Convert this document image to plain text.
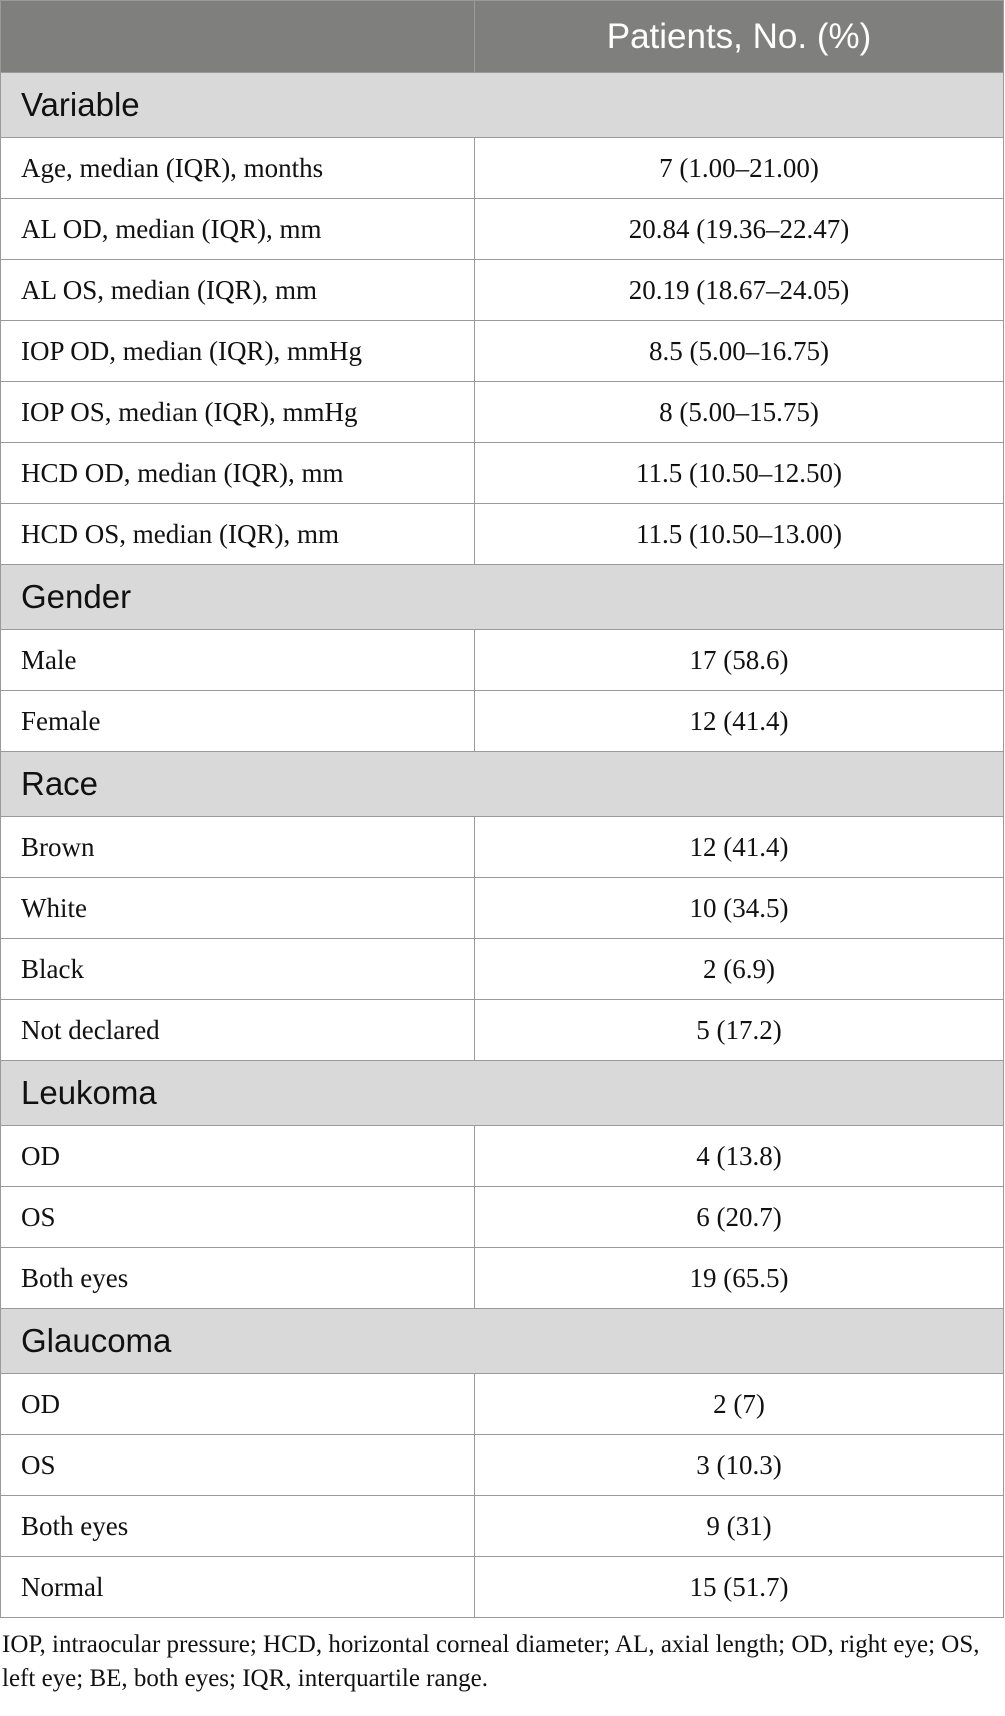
	Patients, No. (%)
Variable	
Age, median (IQR), months	7 (1.00–21.00)
AL OD, median (IQR), mm	20.84 (19.36–22.47)
AL OS, median (IQR), mm	20.19 (18.67–24.05)
IOP OD, median (IQR), mmHg	8.5 (5.00–16.75)
IOP OS, median (IQR), mmHg	8 (5.00–15.75)
HCD OD, median (IQR), mm	11.5 (10.50–12.50)
HCD OS, median (IQR), mm	11.5 (10.50–13.00)
Gender	
Male	17 (58.6)
Female	12 (41.4)
Race	
Brown	12 (41.4)
White	10 (34.5)
Black	2 (6.9)
Not declared	5 (17.2)
Leukoma	
OD	4 (13.8)
OS	6 (20.7)
Both eyes	19 (65.5)
Glaucoma	
OD	2 (7)
OS	3 (10.3)
Both eyes	9 (31)
Normal	15 (51.7)
IOP, intraocular pressure; HCD, horizontal corneal diameter; AL, axial length; OD, right eye; OS, left eye; BE, both eyes; IQR, interquartile range.
